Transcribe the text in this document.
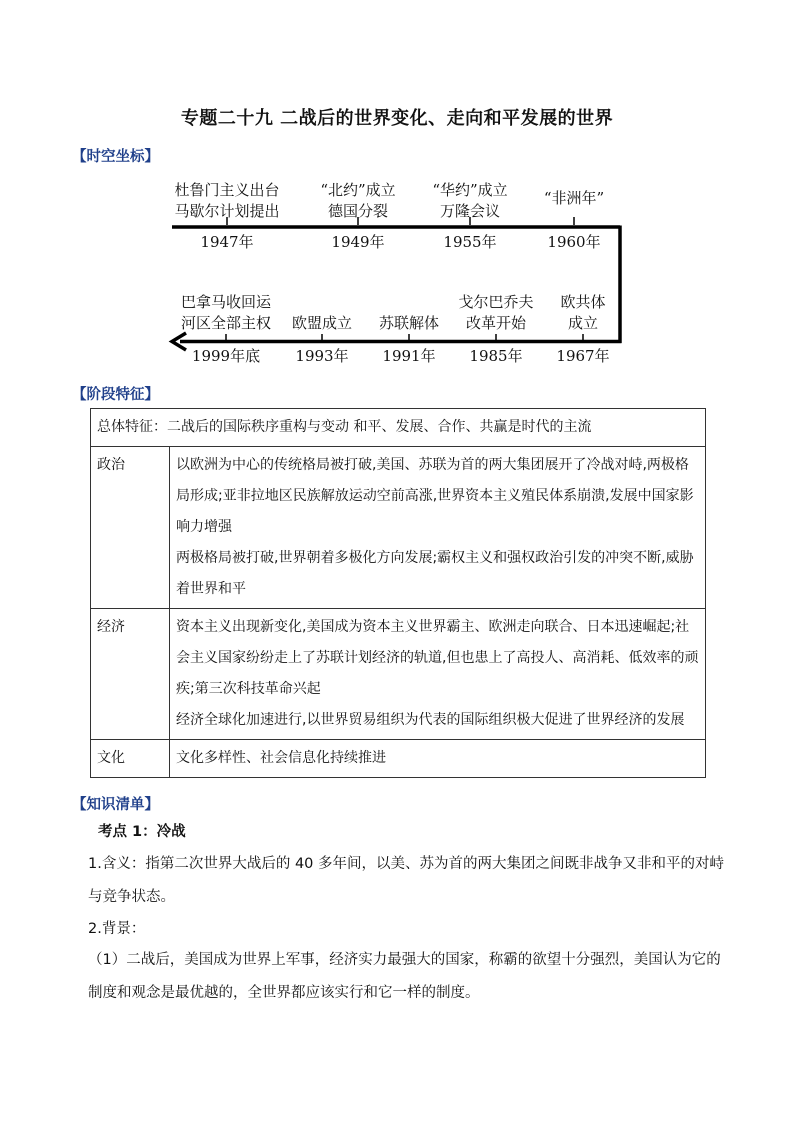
专题二十九 二战后的世界变化、走向和平发展的世界
【时空坐标】
杜鲁门主义出台
马歇尔计划提出
1947年
“北约”成立
德国分裂
1949年
“华约”成立
万隆会议
1955年
“非洲年”
1960年
巴拿马收回运
河区全部主权
1999年底
欧盟成立
1993年
苏联解体
1991年
戈尔巴乔夫
改革开始
1985年
欧共体
成立
1967年
【阶段特征】
总体特征：二战后的国际秩序重构与变动 和平、发展、合作、共赢是时代的主流	
政治	以欧洲为中心的传统格局被打破,美国、苏联为首的两大集团展开了冷战对峙,两极格局形成;亚非拉地区民族解放运动空前高涨,世界资本主义殖民体系崩溃,发展中国家影响力增强
两极格局被打破,世界朝着多极化方向发展;霸权主义和强权政治引发的冲突不断,威胁着世界和平

经济	资本主义出现新变化,美国成为资本主义世界霸主、欧洲走向联合、日本迅速崛起;社会主义国家纷纷走上了苏联计划经济的轨道,但也患上了高投人、高消耗、低效率的顽疾;第三次科技革命兴起
经济全球化加速进行,以世界贸易组织为代表的国际组织极大促进了世界经济的发展

文化	文化多样性、社会信息化持续推进
【知识清单】
考点 1：冷战
1.含义：指第二次世界大战后的 40 多年间，以美、苏为首的两大集团之间既非战争又非和平的对峙与竞争状态。
2.背景：
（1）二战后，美国成为世界上军事，经济实力最强大的国家，称霸的欲望十分强烈，美国认为它的制度和观念是最优越的，全世界都应该实行和它一样的制度。
